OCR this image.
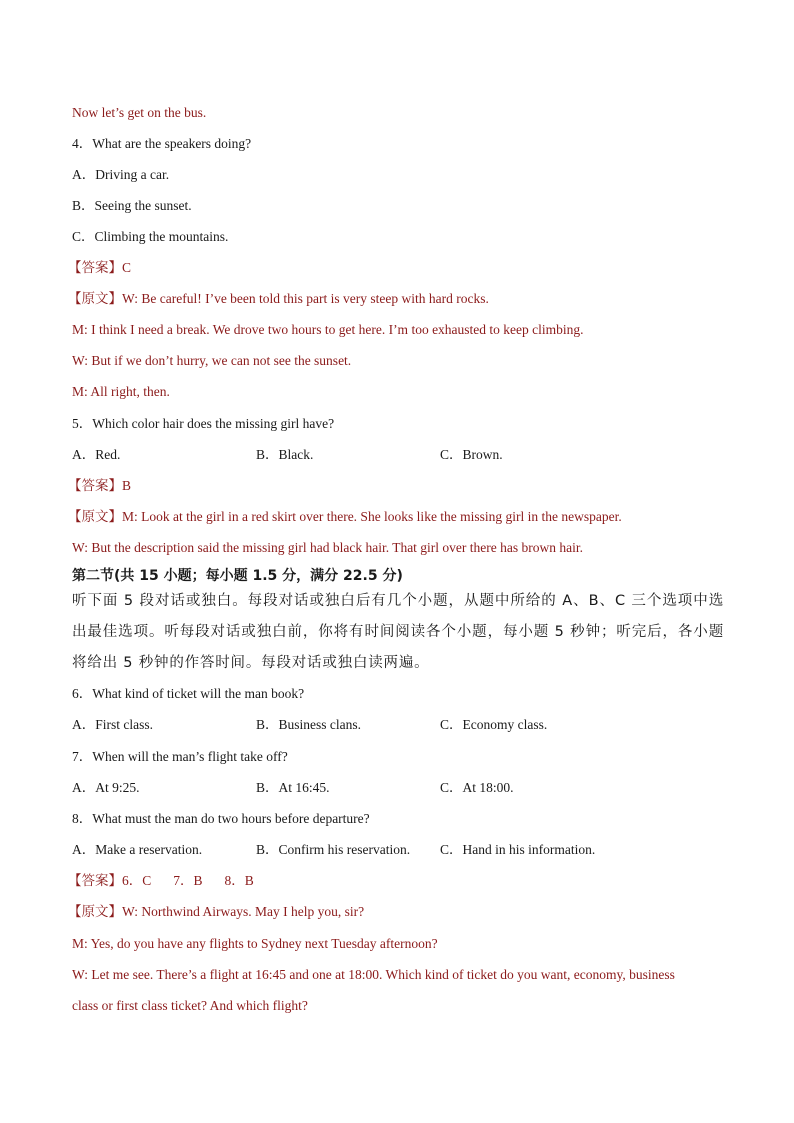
Now let’s get on the bus.
4．What are the speakers doing?
A．Driving a car.
B．Seeing the sunset.
C．Climbing the mountains.
【答案】C
【原文】W: Be careful! I’ve been told this part is very steep with hard rocks.
M: I think I need a break. We drove two hours to get here. I’m too exhausted to keep climbing.
W: But if we don’t hurry, we can not see the sunset.
M: All right, then.
5．Which color hair does the missing girl have?
A．Red.	B．Black.	C．Brown.
【答案】B
【原文】M: Look at the girl in a red skirt over there. She looks like the missing girl in the newspaper.
W: But the description said the missing girl had black hair. That girl over there has brown hair.
第二节(共 15 小题；每小题 1.5 分，满分 22.5 分)
听下面 5 段对话或独白。每段对话或独白后有几个小题，从题中所给的 A、B、C 三个选项中选出最佳选项。听每段对话或独白前，你将有时间阅读各个小题，每小题 5 秒钟；听完后，各小题将给出 5 秒钟的作答时间。每段对话或独白读两遍。
6．What kind of ticket will the man book?
A．First class.	B．Business clans.	C．Economy class.
7．When will the man’s flight take off?
A．At 9:25.	B．At 16:45.	C．At 18:00.
8．What must the man do two hours before departure?
A．Make a reservation.	B．Confirm his reservation. C．Hand in his information.
【答案】6．C 7．B 8．B
【原文】W: Northwind Airways. May I help you, sir?
M: Yes, do you have any flights to Sydney next Tuesday afternoon?
W: Let me see. There’s a flight at 16:45 and one at 18:00. Which kind of ticket do you want, economy, business
class or first class ticket? And which flight?
